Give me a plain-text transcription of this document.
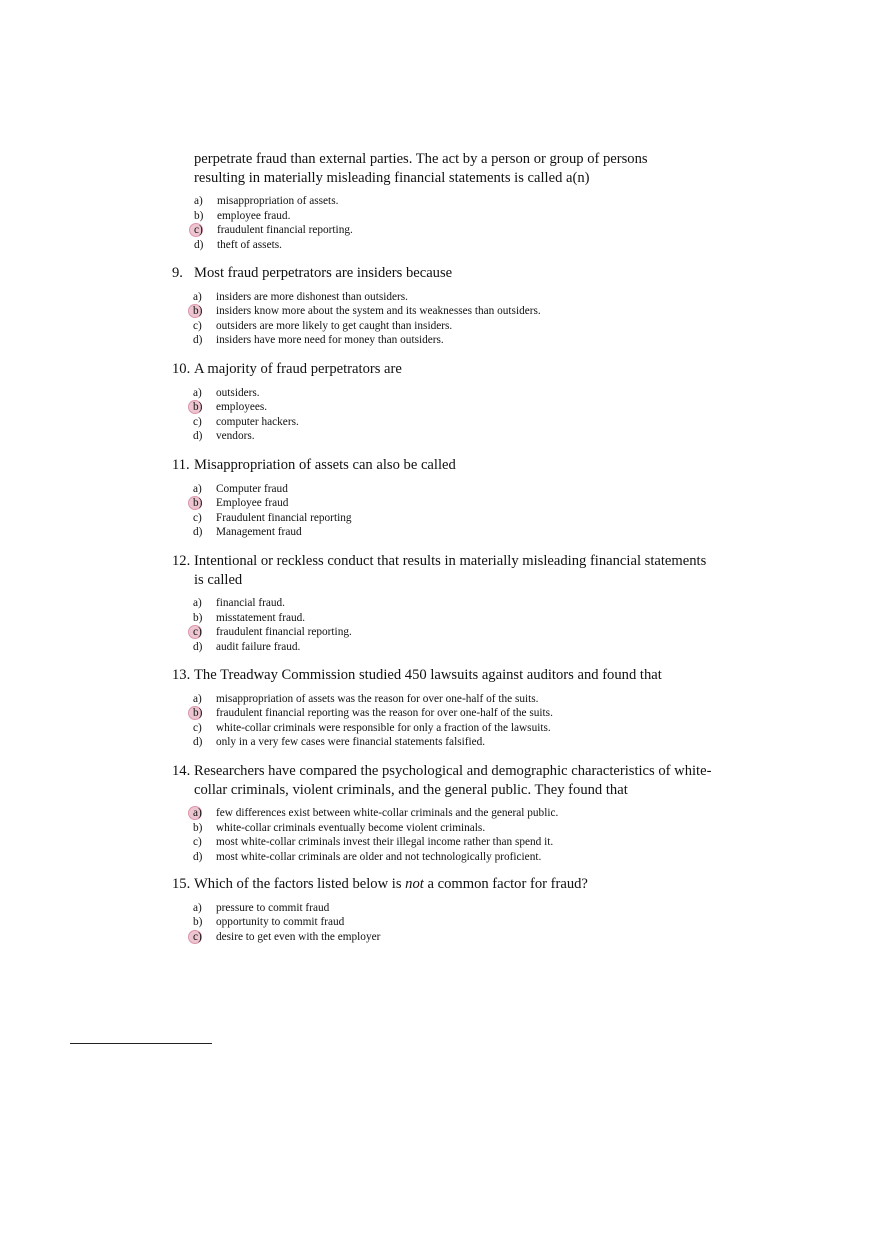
perpetrate fraud than external parties. The act by a person or group of persons
resulting in materially misleading financial statements is called a(n)
a)	misappropriation of assets.
b)	employee fraud.
c)	fraudulent financial reporting.
d)	theft of assets.
9. Most fraud perpetrators are insiders because
a)	insiders are more dishonest than outsiders.
b)	insiders know more about the system and its weaknesses than outsiders.
c)	outsiders are more likely to get caught than insiders.
d)	insiders have more need for money than outsiders.
10. A majority of fraud perpetrators are
a)	outsiders.
b)	employees.
c)	computer hackers.
d)	vendors.
11. Misappropriation of assets can also be called
a)	Computer fraud
b)	Employee fraud
c)	Fraudulent financial reporting
d)	Management fraud
12. Intentional or reckless conduct that results in materially misleading financial statements is called
a)	financial fraud.
b)	misstatement fraud.
c)	fraudulent financial reporting.
d)	audit failure fraud.
13. The Treadway Commission studied 450 lawsuits against auditors and found that
a)	misappropriation of assets was the reason for over one-half of the suits.
b)	fraudulent financial reporting was the reason for over one-half of the suits.
c)	white-collar criminals were responsible for only a fraction of the lawsuits.
d)	only in a very few cases were financial statements falsified.
14. Researchers have compared the psychological and demographic characteristics of white-collar criminals, violent criminals, and the general public. They found that
a)	few differences exist between white-collar criminals and the general public.
b)	white-collar criminals eventually become violent criminals.
c)	most white-collar criminals invest their illegal income rather than spend it.
d)	most white-collar criminals are older and not technologically proficient.
15. Which of the factors listed below is not a common factor for fraud?
a)	pressure to commit fraud
b)	opportunity to commit fraud
c)	desire to get even with the employer
